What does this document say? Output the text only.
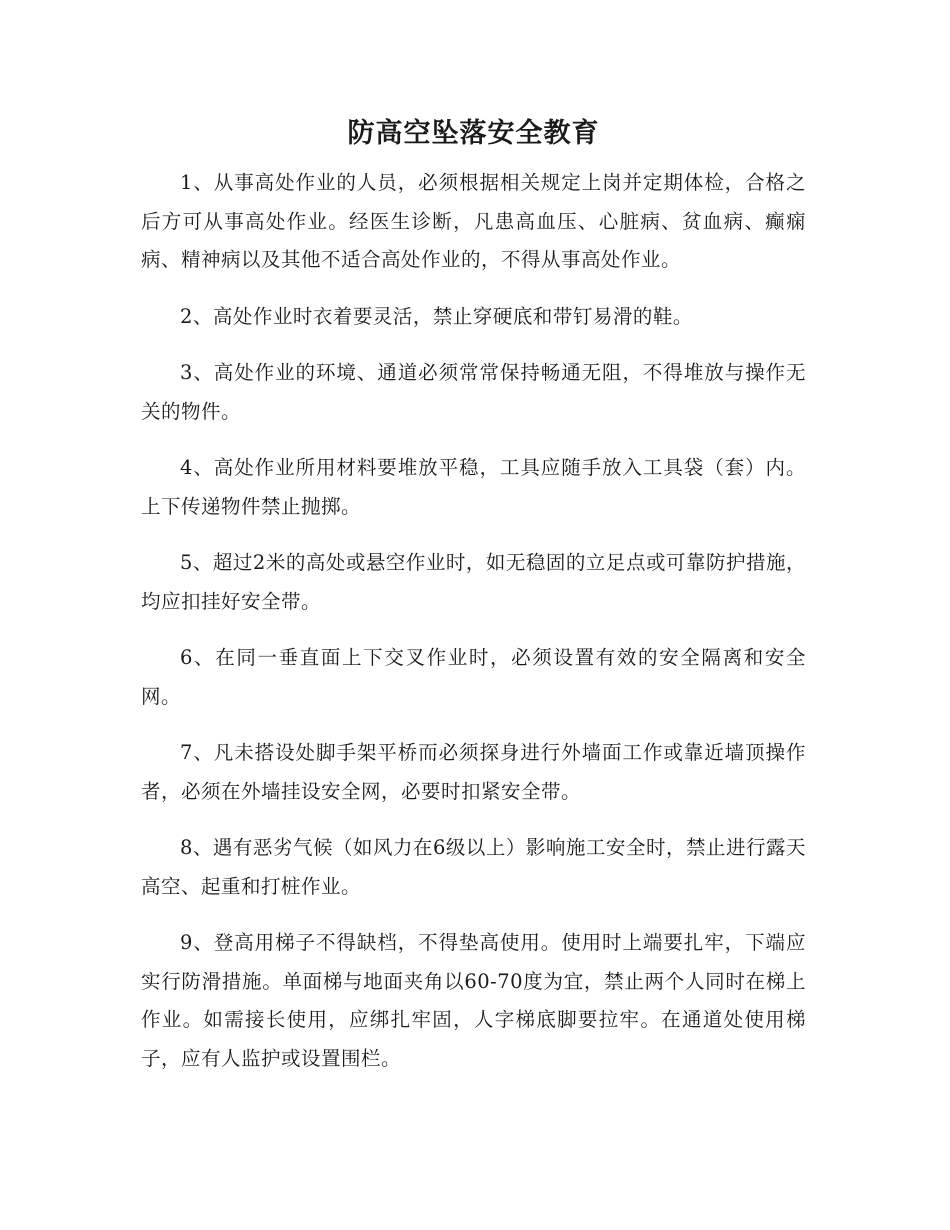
防高空坠落安全教育

1、从事高处作业的人员，必须根据相关规定上岗并定期体检，合格之后方可从事高处作业。经医生诊断，凡患高血压、心脏病、贫血病、癫痫病、精神病以及其他不适合高处作业的，不得从事高处作业。

2、高处作业时衣着要灵活，禁止穿硬底和带钉易滑的鞋。

3、高处作业的环境、通道必须常常保持畅通无阻，不得堆放与操作无关的物件。

4、高处作业所用材料要堆放平稳，工具应随手放入工具袋（套）内。上下传递物件禁止抛掷。

5、超过2米的高处或悬空作业时，如无稳固的立足点或可靠防护措施，均应扣挂好安全带。

6、在同一垂直面上下交叉作业时，必须设置有效的安全隔离和安全网。

7、凡未搭设处脚手架平桥而必须探身进行外墙面工作或靠近墙顶操作者，必须在外墙挂设安全网，必要时扣紧安全带。

8、遇有恶劣气候（如风力在6级以上）影响施工安全时，禁止进行露天高空、起重和打桩作业。

9、登高用梯子不得缺档，不得垫高使用。使用时上端要扎牢，下端应实行防滑措施。单面梯与地面夹角以60-70度为宜，禁止两个人同时在梯上作业。如需接长使用，应绑扎牢固，人字梯底脚要拉牢。在通道处使用梯子，应有人监护或设置围栏。
